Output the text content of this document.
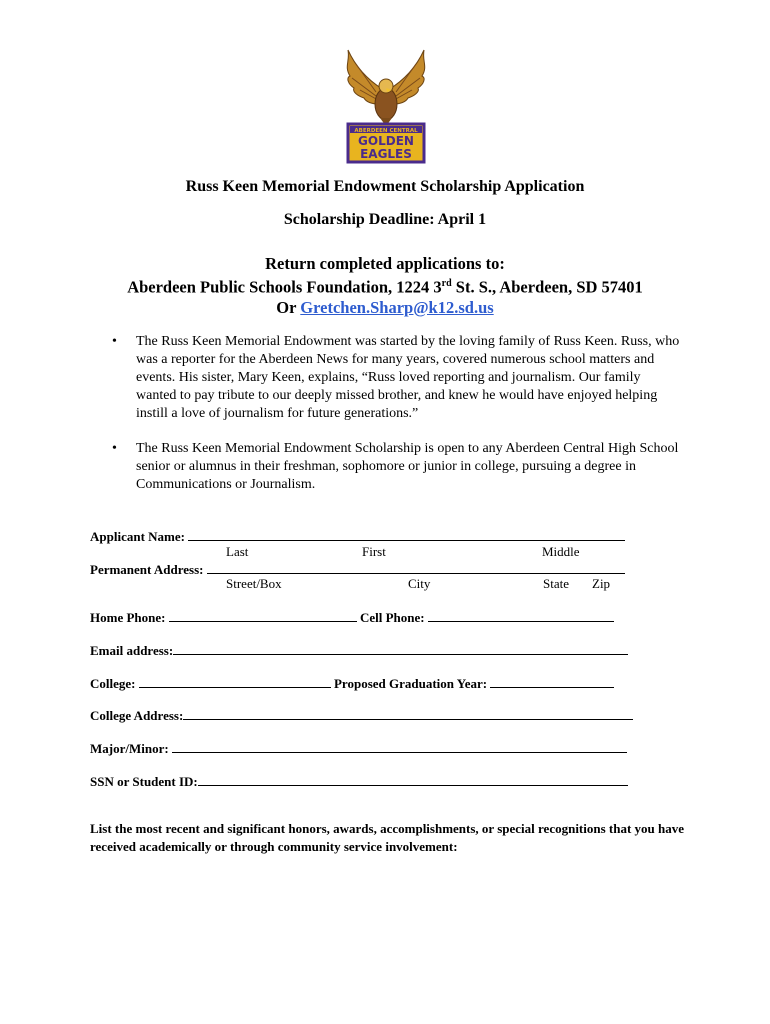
ABERDEEN CENTRAL
GOLDEN
EAGLES
Russ Keen Memorial Endowment Scholarship Application
Scholarship Deadline: April 1
Return completed applications to:
Aberdeen Public Schools Foundation, 1224 3rd St. S., Aberdeen, SD 57401
Or Gretchen.Sharp@k12.sd.us
• The Russ Keen Memorial Endowment was started by the loving family of Russ Keen. Russ, who was a reporter for the Aberdeen News for many years, covered numerous school matters and events. His sister, Mary Keen, explains, “Russ loved reporting and journalism. Our family wanted to pay tribute to our deeply missed brother, and knew he would have enjoyed helping instill a love of journalism for future generations.”
• The Russ Keen Memorial Endowment Scholarship is open to any Aberdeen Central High School senior or alumnus in their freshman, sophomore or junior in college, pursuing a degree in Communications or Journalism.
Applicant Name:
Last	First	Middle
Permanent Address:
Street/Box	City	State Zip
Home Phone:	Cell Phone:
Email address:
College:	Proposed Graduation Year:
College Address:
Major/Minor:
SSN or Student ID:
List the most recent and significant honors, awards, accomplishments, or special recognitions that you have received academically or through community service involvement:
